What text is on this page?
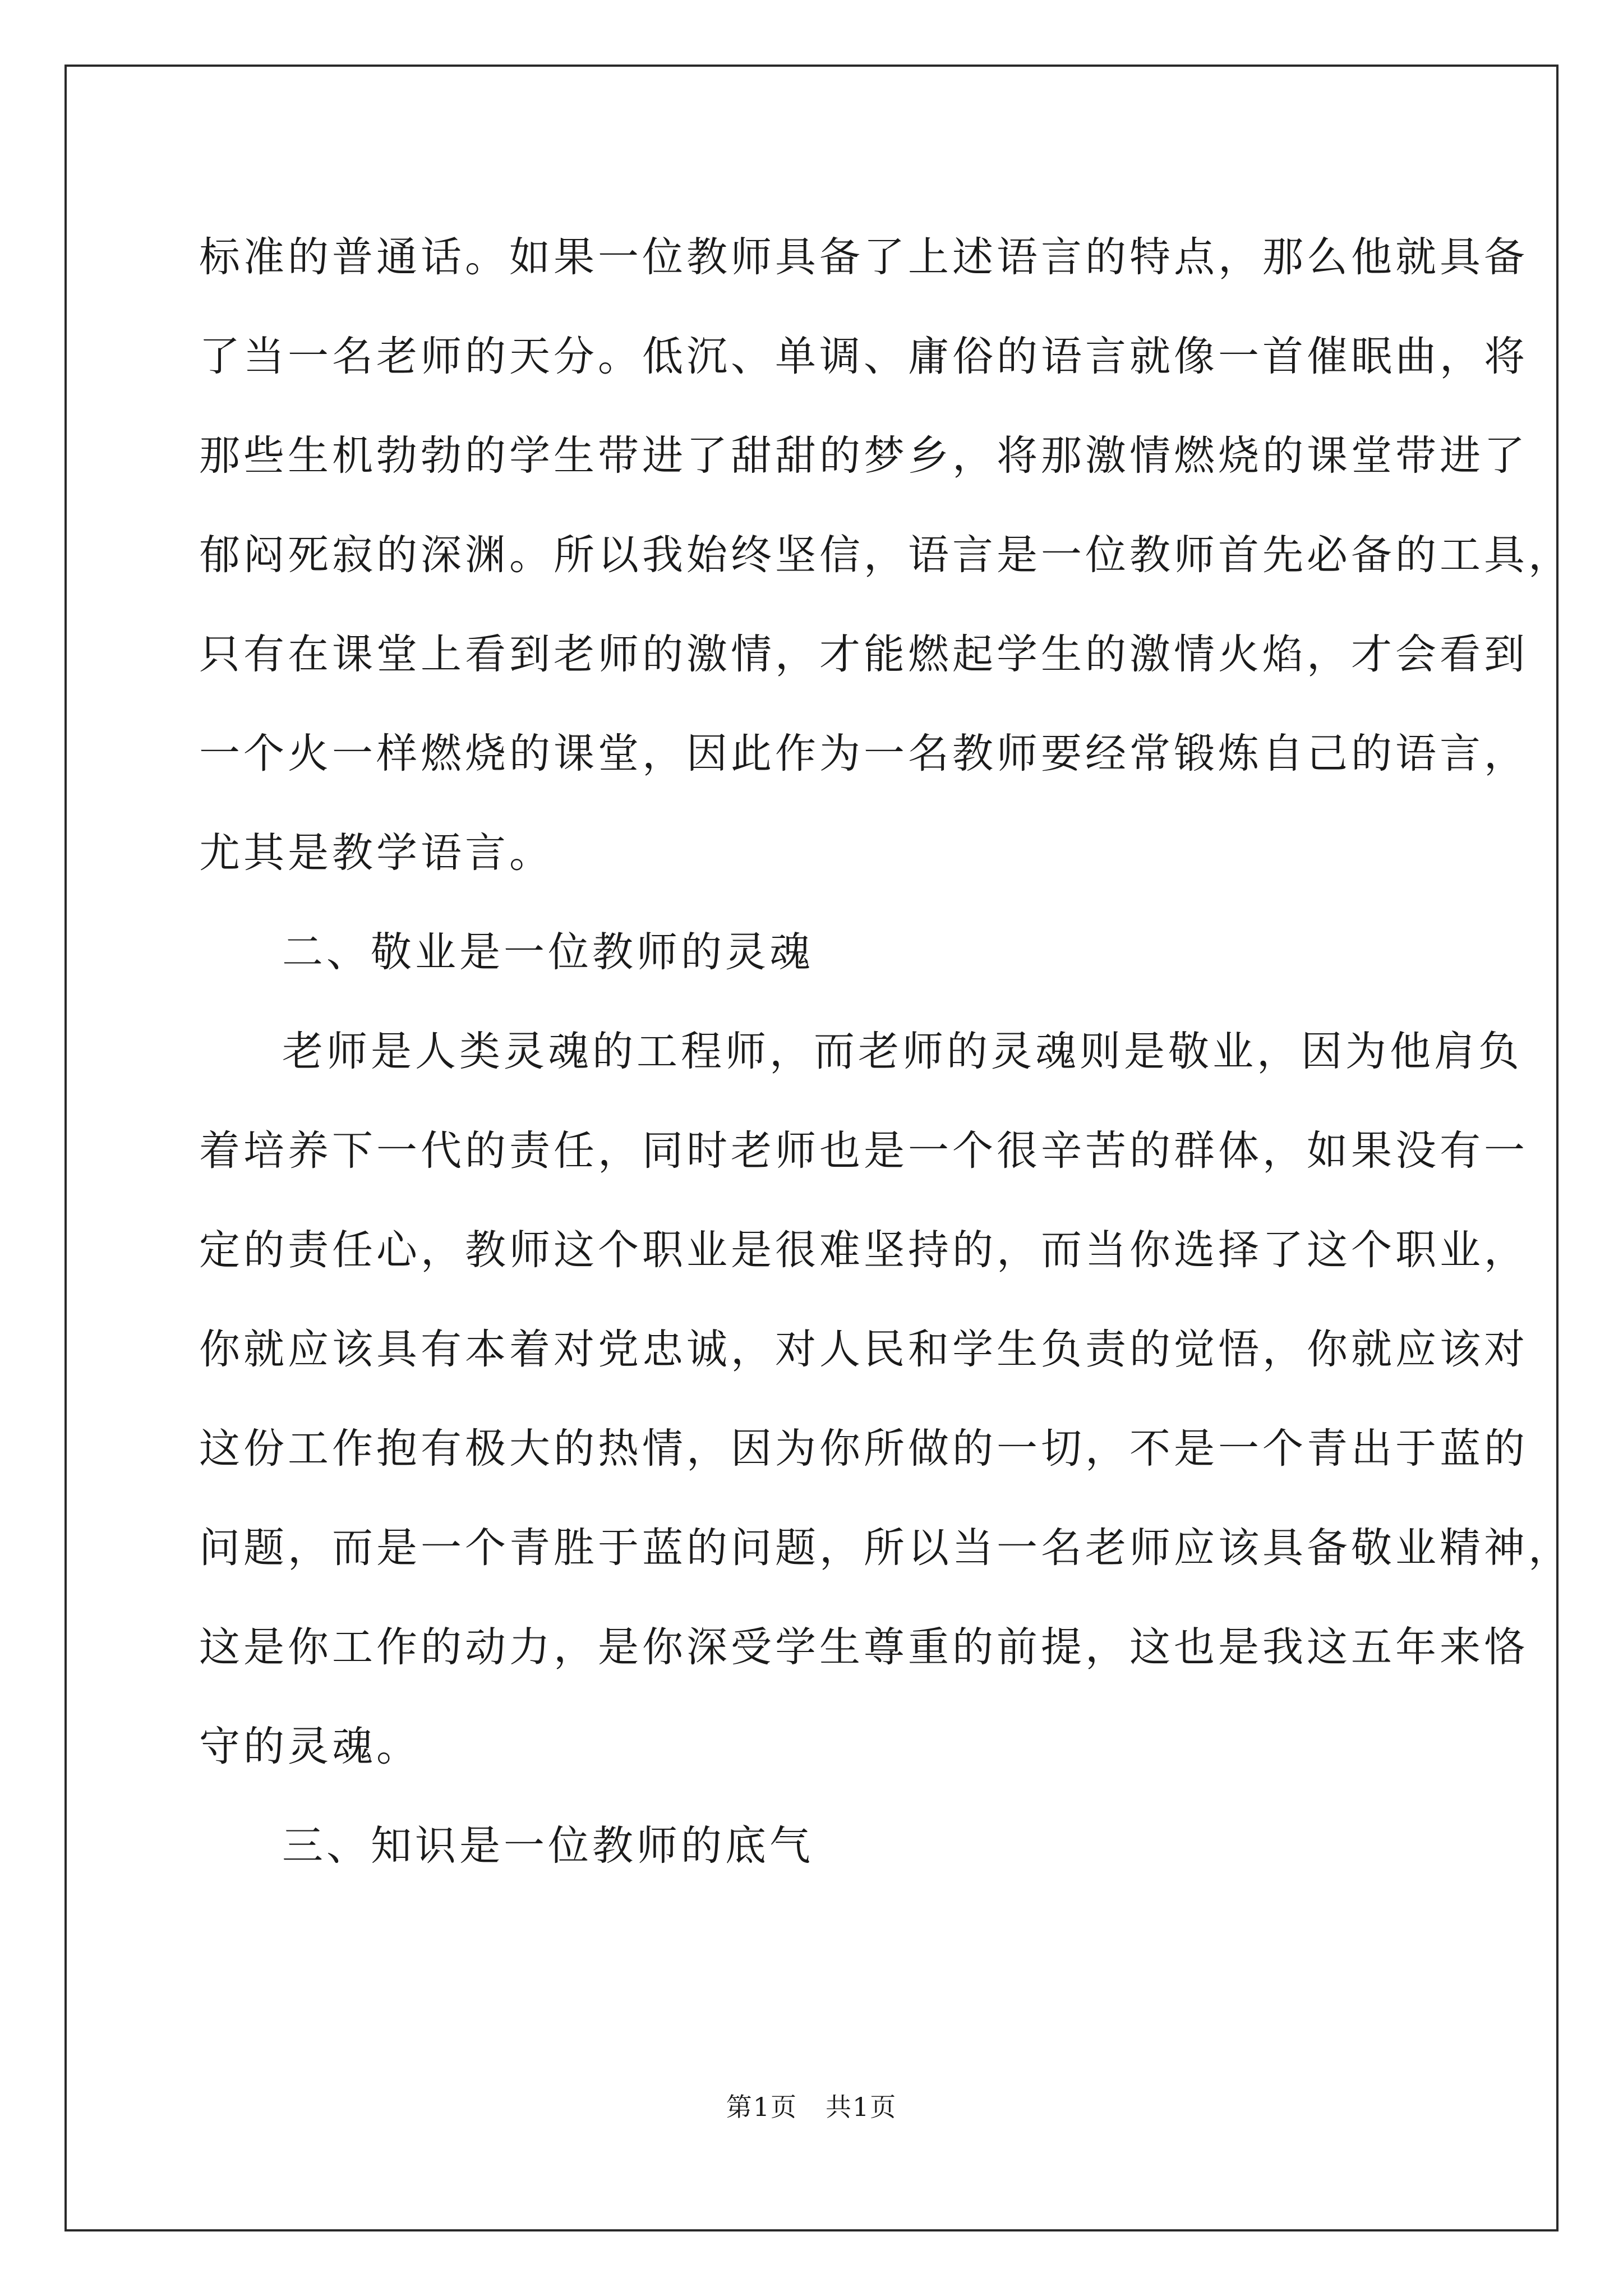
标准的普通话。如果一位教师具备了上述语言的特点，那么他就具备

了当一名老师的天分。低沉、单调、庸俗的语言就像一首催眠曲，将

那些生机勃勃的学生带进了甜甜的梦乡，将那激情燃烧的课堂带进了

郁闷死寂的深渊。所以我始终坚信，语言是一位教师首先必备的工具，

只有在课堂上看到老师的激情，才能燃起学生的激情火焰，才会看到

一个火一样燃烧的课堂，因此作为一名教师要经常锻炼自己的语言，

尤其是教学语言。

二、敬业是一位教师的灵魂

老师是人类灵魂的工程师，而老师的灵魂则是敬业，因为他肩负

着培养下一代的责任，同时老师也是一个很辛苦的群体，如果没有一

定的责任心，教师这个职业是很难坚持的，而当你选择了这个职业，

你就应该具有本着对党忠诚，对人民和学生负责的觉悟，你就应该对

这份工作抱有极大的热情，因为你所做的一切，不是一个青出于蓝的

问题，而是一个青胜于蓝的问题，所以当一名老师应该具备敬业精神，

这是你工作的动力，是你深受学生尊重的前提，这也是我这五年来恪

守的灵魂。

三、知识是一位教师的底气

第1页 共1页
